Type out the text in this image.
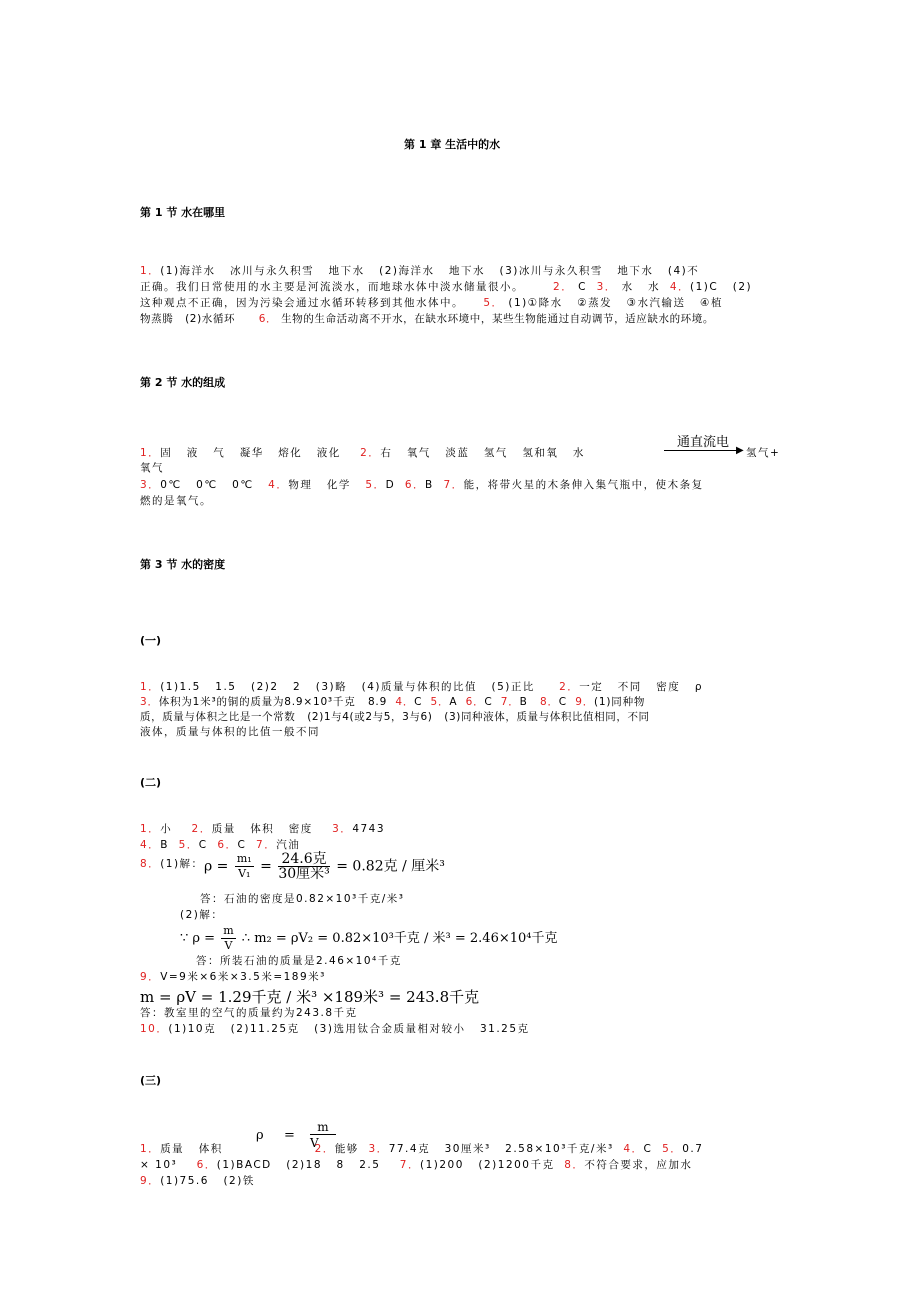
第 1 章 生活中的水
第 1 节 水在哪里
1．(1)海洋水   冰川与永久积雪   地下水   (2)海洋水   地下水   (3)冰川与永久积雪   地下水   (4)不
正确。我们日常使用的水主要是河流淡水，而地球水体中淡水储量很小。	2． C 3． 水   水 4．(1)C   (2)
这种观点不正确，因为污染会通过水循环转移到其他水体中。 5． (1)①降水   ②蒸发   ③水汽输送   ④植
物蒸腾   (2)水循环 6． 生物的生命活动离不开水，在缺水环境中，某些生物能通过自动调节，适应缺水的环境。
第 2 节 水的组成
1．固   液   气   凝华   熔化   液化 2．右   氧气   淡蓝   氢气   氢和氧   水
通直流电
▶ 氢气+
氧气
3．0℃   0℃   0℃ 4．物理   化学 5．D 6．B 7．能，将带火星的木条伸入集气瓶中，使木条复
燃的是氧气。
第 3 节 水的密度
(一)
1．(1)1.5   1.5   (2)2   2   (3)略   (4)质量与体积的比值   (5)正比 2．一定   不同   密度   ρ
3．体积为1米³的铜的质量为8.9×10³千克   8.9 4．C 5．A 6．C 7．B 8．C 9．(1)同种物
质，质量与体积之比是一个常数   (2)1与4(或2与5，3与6)   (3)同种液体，质量与体积比值相同，不同
液体，质量与体积的比值一般不同
(二)
1．小 2．质量   体积   密度 3．4743
4．B 5．C 6．C 7．汽油
8．(1)解： $\rho = \frac{\text{m₁}}{\text{V₁}} = \frac{\text{24.6克}}{\text{30厘米³}} = 0.82$克 / 厘米³
答：石油的密度是0.82×10³千克/米³
(2)解：
∵ $\rho = \frac{m}{V}$ ∴ m₂ = ρV₂ = 0.82×10³千克 / 米³ = 2.46×10⁴千克
答：所装石油的质量是2.46×10⁴千克
9．V=9米×6米×3.5米=189米³
m = ρV = 1.29千克 / 米³ ×189米³ = 243.8千克
答：教室里的空气的质量约为243.8千克
10．(1)10克   (2)11.25克   (3)选用钛合金质量相对较小   31.25克
(三)
ρ =
m
V
1．质量   体积	2．能够 3．77.4克   30厘米³   2.58×10³千克/米³ 4．C 5．0.7
× 10³ 6．(1)BACD   (2)18   8   2.5 7．(1)200   (2)1200千克 8．不符合要求，应加水
9．(1)75.6   (2)铁
